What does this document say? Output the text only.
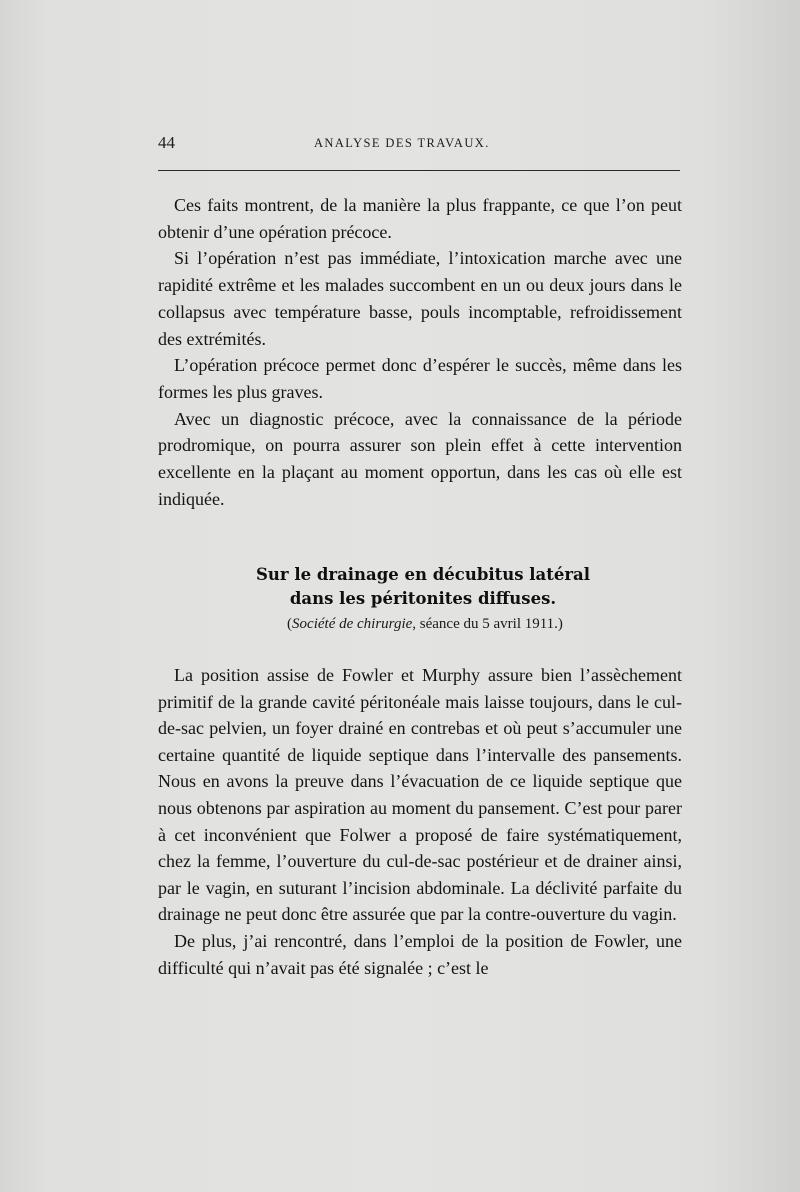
44	ANALYSE DES TRAVAUX.

Ces faits montrent, de la manière la plus frappante, ce que l’on peut obtenir d’une opération précoce.

Si l’opération n’est pas immédiate, l’intoxication marche avec une rapidité extrême et les malades succombent en un ou deux jours dans le collapsus avec température basse, pouls incomptable, refroidissement des extrémités.

L’opération précoce permet donc d’espérer le succès, même dans les formes les plus graves.

Avec un diagnostic précoce, avec la connaissance de la période prodromique, on pourra assurer son plein effet à cette intervention excellente en la plaçant au moment opportun, dans les cas où elle est indiquée.

Sur le drainage en décubitus latéral
dans les péritonites diffuses.
(Société de chirurgie, séance du 5 avril 1911.)

La position assise de Fowler et Murphy assure bien l’assèchement primitif de la grande cavité péritonéale mais laisse toujours, dans le cul-de-sac pelvien, un foyer drainé en contrebas et où peut s’accumuler une certaine quantité de liquide septique dans l’intervalle des pansements. Nous en avons la preuve dans l’évacuation de ce liquide septique que nous obtenons par aspiration au moment du pansement. C’est pour parer à cet inconvénient que Folwer a proposé de faire systématiquement, chez la femme, l’ouverture du cul-de-sac postérieur et de drainer ainsi, par le vagin, en suturant l’incision abdominale. La déclivité parfaite du drainage ne peut donc être assurée que par la contre-ouverture du vagin.

De plus, j’ai rencontré, dans l’emploi de la position de Fowler, une difficulté qui n’avait pas été signalée ; c’est le
